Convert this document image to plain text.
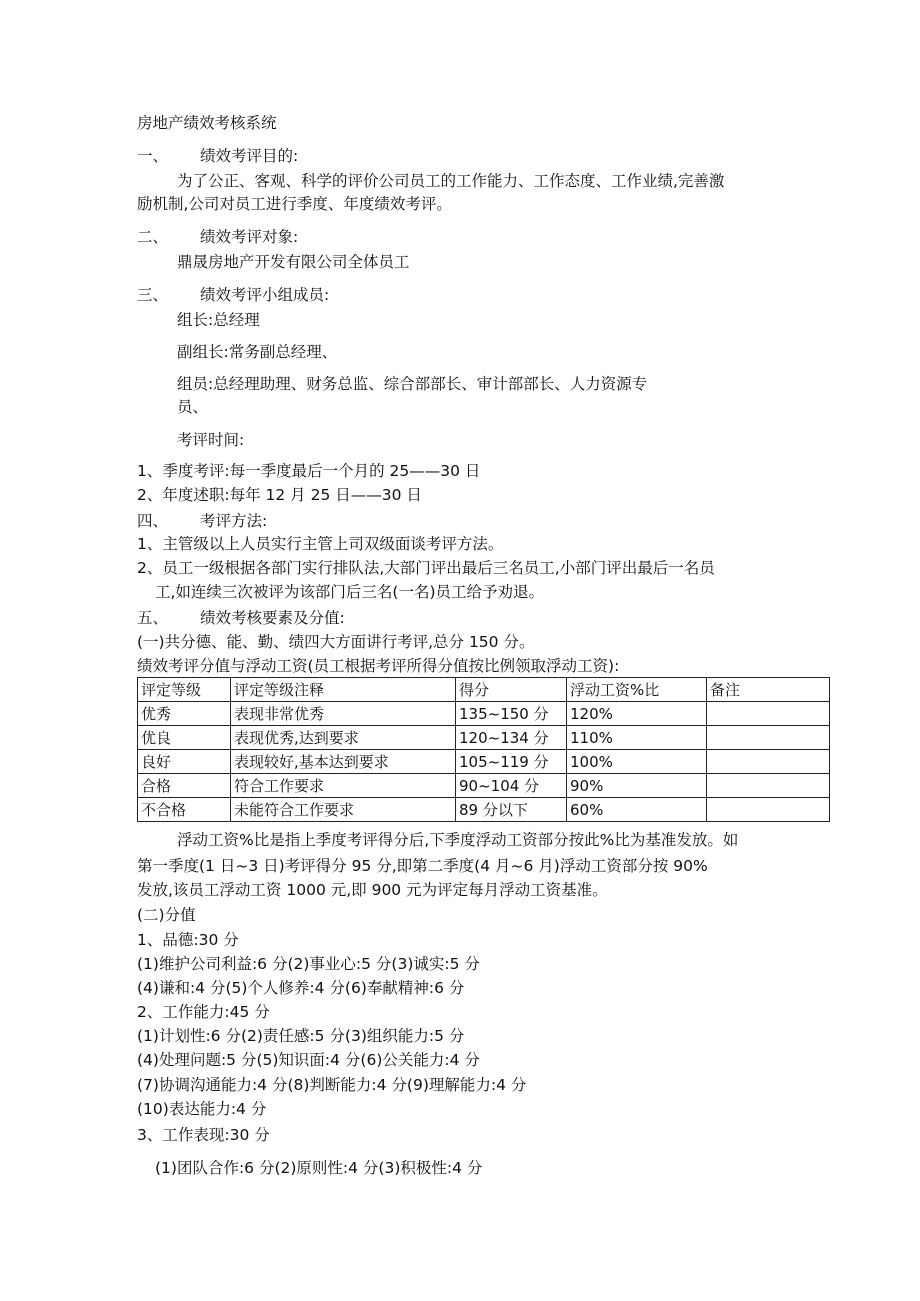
房地产绩效考核系统
一、 绩效考评目的:
为了公正、客观、科学的评价公司员工的工作能力、工作态度、工作业绩,完善激
励机制,公司对员工进行季度、年度绩效考评。
二、 绩效考评对象:
鼎晟房地产开发有限公司全体员工
三、 绩效考评小组成员:
组长:总经理
副组长:常务副总经理、
组员:总经理助理、财务总监、综合部部长、审计部部长、人力资源专
员、
考评时间:
1、季度考评:每一季度最后一个月的 25——30 日
2、年度述职:每年 12 月 25 日——30 日
四、 考评方法:
1、主管级以上人员实行主管上司双级面谈考评方法。
2、员工一级根据各部门实行排队法,大部门评出最后三名员工,小部门评出最后一名员
工,如连续三次被评为该部门后三名(一名)员工给予劝退。
五、 绩效考核要素及分值:
(一)共分德、能、勤、绩四大方面讲行考评,总分 150 分。
绩效考评分值与浮动工资(员工根据考评所得分值按比例领取浮动工资):
评定等级	评定等级注释	得分	浮动工资%比	备注
优秀	表现非常优秀	135~150 分	120%	
优良	表现优秀,达到要求	120~134 分	110%	
良好	表现较好,基本达到要求	105~119 分	100%	
合格	符合工作要求	90~104 分	90%	
不合格	未能符合工作要求	89 分以下	60%	
浮动工资%比是指上季度考评得分后,下季度浮动工资部分按此%比为基准发放。如
第一季度(1 日~3 日)考评得分 95 分,即第二季度(4 月~6 月)浮动工资部分按 90%
发放,该员工浮动工资 1000 元,即 900 元为评定每月浮动工资基准。
(二)分值
1、品德:30 分
(1)维护公司利益:6 分(2)事业心:5 分(3)诚实:5 分
(4)谦和:4 分(5)个人修养:4 分(6)奉献精神:6 分
2、工作能力:45 分
(1)计划性:6 分(2)责任感:5 分(3)组织能力:5 分
(4)处理问题:5 分(5)知识面:4 分(6)公关能力:4 分
(7)协调沟通能力:4 分(8)判断能力:4 分(9)理解能力:4 分
(10)表达能力:4 分
3、工作表现:30 分
(1)团队合作:6 分(2)原则性:4 分(3)积极性:4 分
